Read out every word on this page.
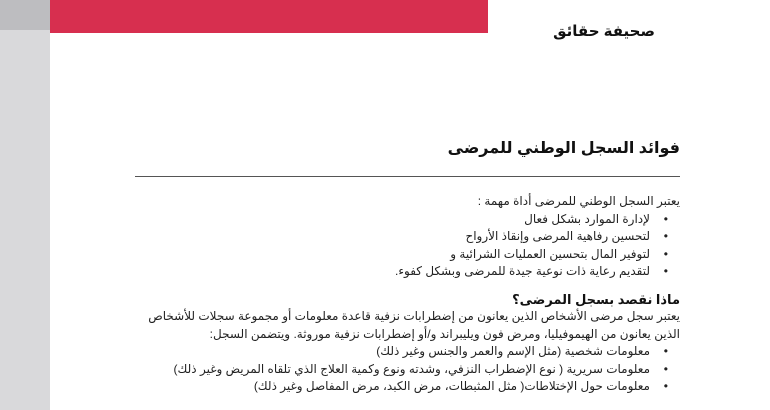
صحيفة حقائق
فوائد السجل الوطني للمرضى

يعتبر السجل الوطني للمرضى أداة مهمة :

• لإدارة الموارد بشكل فعال
• لتحسين رفاهية المرضى وإنقاذ الأرواح
• لتوفير المال بتحسين العمليات الشرائية و
• لتقديم رعاية ذات نوعية جيدة للمرضى وبشكل كفوء.

ماذا نقصد بسجل المرضى؟

يعتبر سجل مرضى الأشخاص الذين يعانون من إضطرابات نزفية قاعدة معلومات أو مجموعة سجلات للأشخاص الذين يعانون من الهيموفيليا، ومرض فون ويليبراند و/أو إضطرابات نزفية موروثة. ويتضمن السجل:

• معلومات شخصية (مثل الإسم والعمر والجنس وغير ذلك)
• معلومات سريرية ( نوع الإضطراب النزفي، وشدته ونوع وكمية العلاج الذي تلقاه المريض وغير ذلك)
• معلومات حول الإختلاطات( مثل المثبطات، مرض الكبد، مرض المفاصل وغير ذلك)
